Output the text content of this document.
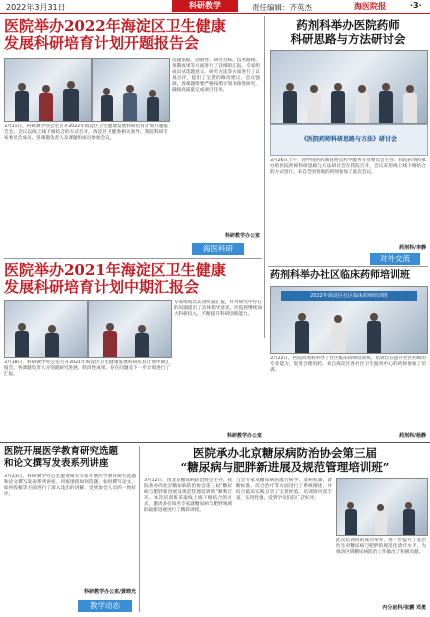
2022年3月31日	科研教学	责任编辑：齐英杰	海医院报	·3·
医院举办2022年海淀区卫生健康
发展科研培育计划开题报告会
3月11日，科研教学办公室召开2022年海淀区卫生健康发展科研培育计划开题报告会。会议以线上线下相结合的方式召开。海淀区卫健委相关领导、我院科研专家委员会成员、各课题负责人及课题组成员参加会议。
选题依据、创新性、研究目标、技术路线、预期成果等方面进行了详细的汇报。专家组成员从选题意义、研究方法等方面进行了认真点评，提出了宝贵的修改建议。会议强调，各课题组要严格按照计划书推进研究，确保高质量完成项目任务。
科研教学办公室
海医科研
医院举办2021年海淀区卫生健康
发展科研培育计划中期汇报会
3月18日，科研教学办公室召开2021年海淀区卫生健康发展科研培育计划中期汇报会。各课题负责人分别就研究进展、阶段性成果、存在问题及下一步计划进行了汇报。
专家组成员认真听取汇报，针对研究中存在的问题提出了具体指导意见。医院将继续加大科研投入，不断提升科研创新能力。
科研教学办公室
药剂科举办医院药师
科研思路与方法研讨会
《医院药师科研思路与方法》研讨会
3月26日上午，由中国医药教育协会药学服务专业委员会主办、我院药剂科承办的医院药师科研思路与方法研讨会在我院召开。会议采用线上线下相结合的方式进行。来自全国各地的药师参加了此次会议。
药剂科/李静
对外交流
药剂科举办社区临床药师培训班
2022年海淀区社区临床药师培训班
3月22日，医院药剂科举办了社区临床药师培训班。培训旨在提升社区药师的专业能力，促进合理用药。来自海淀区各社区卫生服务中心的药师参加了培训。
药剂科/杨静
医院开展医学教育研究选题
和论文撰写发表系列讲座
3月23日，科研教学办公室邀请相关专家开展医学教育研究选题和论文撰写发表系列讲座。讲座围绕如何选题、如何撰写论文、如何投稿等方面进行了深入浅出的讲解，受到参会人员的一致好评。
科研教学办公室/黄晓光
教学动态
医院承办北京糖尿病防治协会第三届
“糖尿病与肥胖新进展及规范管理培训班”
3月12日，由北京糖尿病防治协会主办、我院承办的北京糖尿病防治协会第三届“糖尿病与肥胖新进展及规范管理培训班”顺利召开。本次培训班采取线上线下相结合的方式，邀请多位知名专家就糖尿病与肥胖领域的最新进展进行了精彩讲授。
与会专家从糖尿病的流行病学、发病机制、诊断标准、综合治疗等方面进行了系统阐述，并结合临床实践分享了宝贵经验。培训班内容丰富、实用性强，受到学员们的广泛好评。
此次培训班的成功举办，进一步提升了基层医生对糖尿病与肥胖的规范化诊疗水平，为推动区域糖尿病防治工作做出了积极贡献。
内分泌科/张鹏 邓勇
